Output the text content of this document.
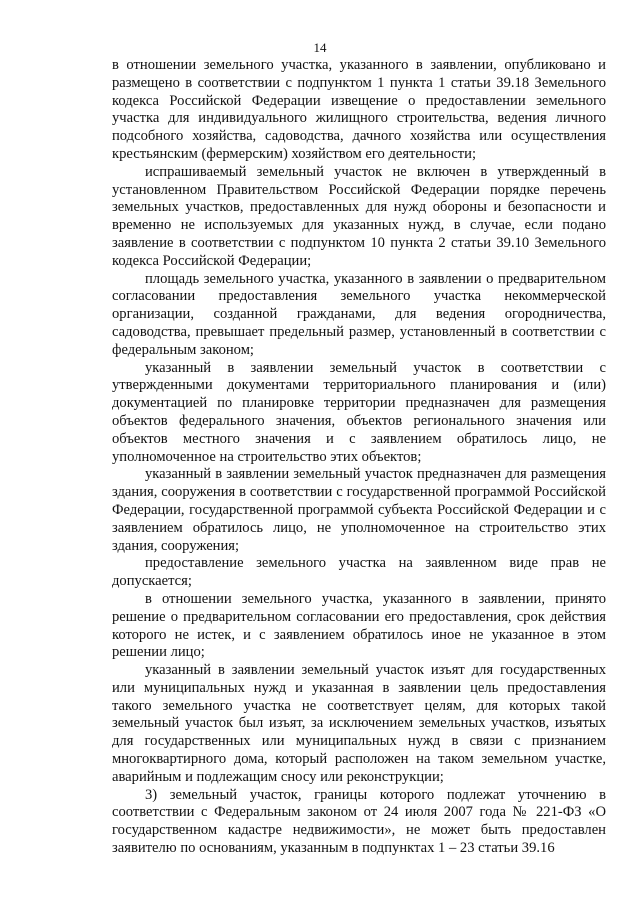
14

в отношении земельного участка, указанного в заявлении, опубликовано и размещено в соответствии с подпунктом 1 пункта 1 статьи 39.18 Земельного кодекса Российской Федерации извещение о предоставлении земельного участка для индивидуального жилищного строительства, ведения личного подсобного хозяйства, садоводства, дачного хозяйства или осуществления крестьянским (фермерским) хозяйством его деятельности;

испрашиваемый земельный участок не включен в утвержденный в установленном Правительством Российской Федерации порядке перечень земельных участков, предоставленных для нужд обороны и безопасности и временно не используемых для указанных нужд, в случае, если подано заявление в соответствии с подпунктом 10 пункта 2 статьи 39.10 Земельного кодекса Российской Федерации;

площадь земельного участка, указанного в заявлении о предварительном согласовании предоставления земельного участка некоммерческой организации, созданной гражданами, для ведения огородничества, садоводства, превышает предельный размер, установленный в соответствии с федеральным законом;

указанный в заявлении земельный участок в соответствии с утвержденными документами территориального планирования и (или) документацией по планировке территории предназначен для размещения объектов федерального значения, объектов регионального значения или объектов местного значения и с заявлением обратилось лицо, не уполномоченное на строительство этих объектов;

указанный в заявлении земельный участок предназначен для размещения здания, сооружения в соответствии с государственной программой Российской Федерации, государственной программой субъекта Российской Федерации и с заявлением обратилось лицо, не уполномоченное на строительство этих здания, сооружения;

предоставление земельного участка на заявленном виде прав не допускается;

в отношении земельного участка, указанного в заявлении, принято решение о предварительном согласовании его предоставления, срок действия которого не истек, и с заявлением обратилось иное не указанное в этом решении лицо;

указанный в заявлении земельный участок изъят для государственных или муниципальных нужд и указанная в заявлении цель предоставления такого земельного участка не соответствует целям, для которых такой земельный участок был изъят, за исключением земельных участков, изъятых для государственных или муниципальных нужд в связи с признанием многоквартирного дома, который расположен на таком земельном участке, аварийным и подлежащим сносу или реконструкции;

3) земельный участок, границы которого подлежат уточнению в соответствии с Федеральным законом от 24 июля 2007 года № 221-ФЗ «О государственном кадастре недвижимости», не может быть предоставлен заявителю по основаниям, указанным в подпунктах 1 – 23 статьи 39.16
